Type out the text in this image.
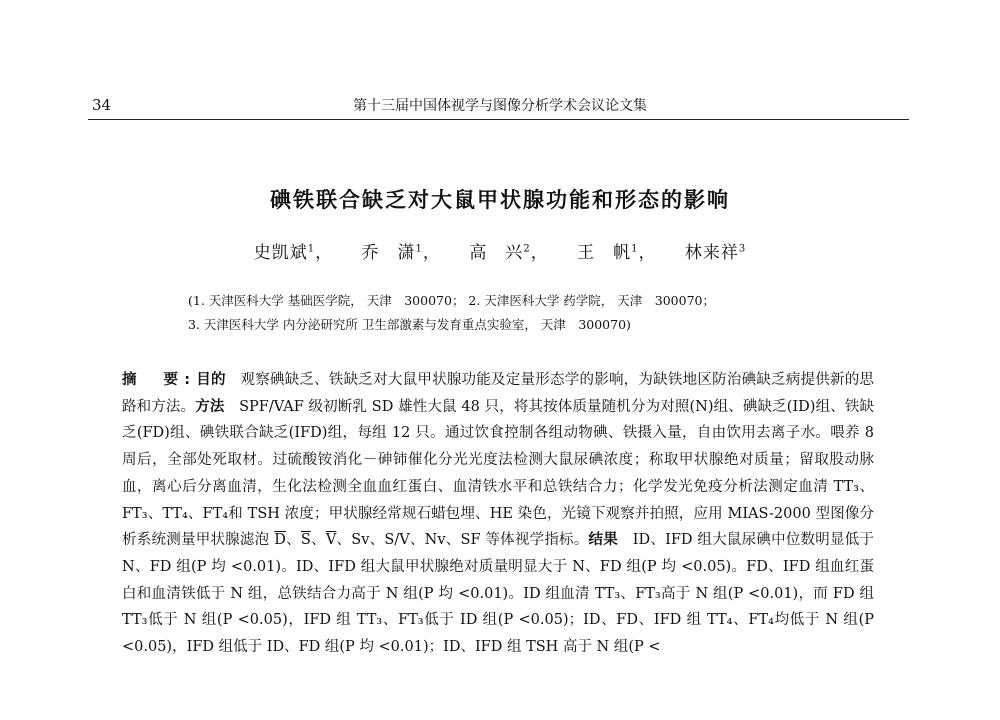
34	第十三届中国体视学与图像分析学术会议论文集
碘铁联合缺乏对大鼠甲状腺功能和形态的影响
史凯斌$^1$， 乔　潇$^1$， 高　兴$^2$， 王　帆$^1$， 林来祥$^3$
(1. 天津医科大学 基础医学院， 天津　300070； 2. 天津医科大学 药学院， 天津　300070；
3. 天津医科大学 内分泌研究所 卫生部激素与发育重点实验室， 天津　300070)
摘　要:目的　 观察碘缺乏、铁缺乏对大鼠甲状腺功能及定量形态学的影响，为缺铁地区防治碘缺乏病提供新的思路和方法。方法　 SPF/VAF 级初断乳 SD 雄性大鼠 48 只，将其按体质量随机分为对照(N)组、碘缺乏(ID)组、铁缺乏(FD)组、碘铁联合缺乏(IFD)组，每组 12 只。通过饮食控制各组动物碘、铁摄入量，自由饮用去离子水。喂养 8 周后，全部处死取材。过硫酸铵消化－砷铈催化分光光度法检测大鼠尿碘浓度；称取甲状腺绝对质量；留取股动脉血，离心后分离血清，生化法检测全血血红蛋白、血清铁水平和总铁结合力；化学发光免疫分析法测定血清 TT₃、FT₃、TT₄、FT₄和 TSH 浓度；甲状腺经常规石蜡包埋、HE 染色，光镜下观察并拍照，应用 MIAS-2000 型图像分析系统测量甲状腺滤泡 $\overline{D}$、$\overline{S}$、$\overline{V}$、Sv、S/V、Nv、SF 等体视学指标。结果　 ID、IFD 组大鼠尿碘中位数明显低于 N、FD 组(P 均 <0.01)。ID、IFD 组大鼠甲状腺绝对质量明显大于 N、FD 组(P 均 <0.05)。FD、IFD 组血红蛋白和血清铁低于 N 组，总铁结合力高于 N 组(P 均 <0.01)。ID 组血清 TT₃、FT₃高于 N 组(P <0.01)，而 FD 组 TT₃低于 N 组(P <0.05)，IFD 组 TT₃、FT₃低于 ID 组(P <0.05)；ID、FD、IFD 组 TT₄、FT₄均低于 N 组(P <0.05)，IFD 组低于 ID、FD 组(P 均 <0.01)；ID、IFD 组 TSH 高于 N 组(P <
